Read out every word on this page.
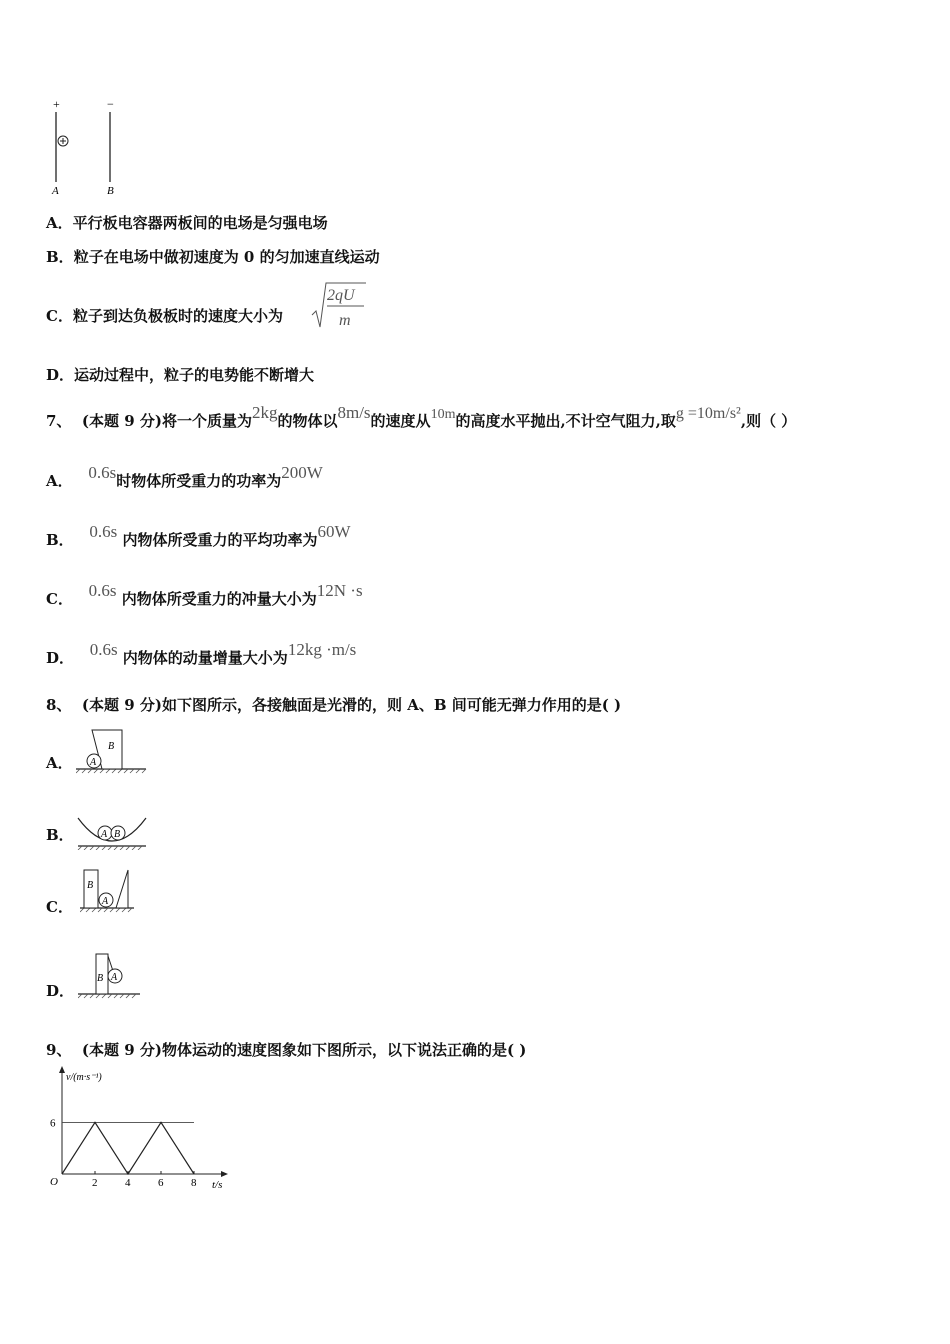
+	−
A	B
A．平行板电容器两板间的电场是匀强电场
B．粒子在电场中做初速度为 0 的匀加速直线运动
C．粒子到达负极板时的速度大小为
2qU
m
D．运动过程中，粒子的电势能不断增大
7、 (本题 9 分)将一个质量为2kg的物体以8m/s的速度从10m的高度水平抛出,不计空气阻力,取g =10m/s²,则（ ）
A． 0.6s时物体所受重力的功率为200W
B． 0.6s 内物体所受重力的平均功率为60W
C． 0.6s 内物体所受重力的冲量大小为12N ·s
D． 0.6s 内物体的动量增量大小为12kg ·m/s
8、 (本题 9 分)如下图所示，各接触面是光滑的，则 A、B 间可能无弹力作用的是( )
A． A
B
B．	A B
C．
B
A
D．
B A
9、 (本题 9 分)物体运动的速度图象如下图所示，以下说法正确的是( )
2	4	6	8
6
v/(m·s⁻¹)
t/s
O
